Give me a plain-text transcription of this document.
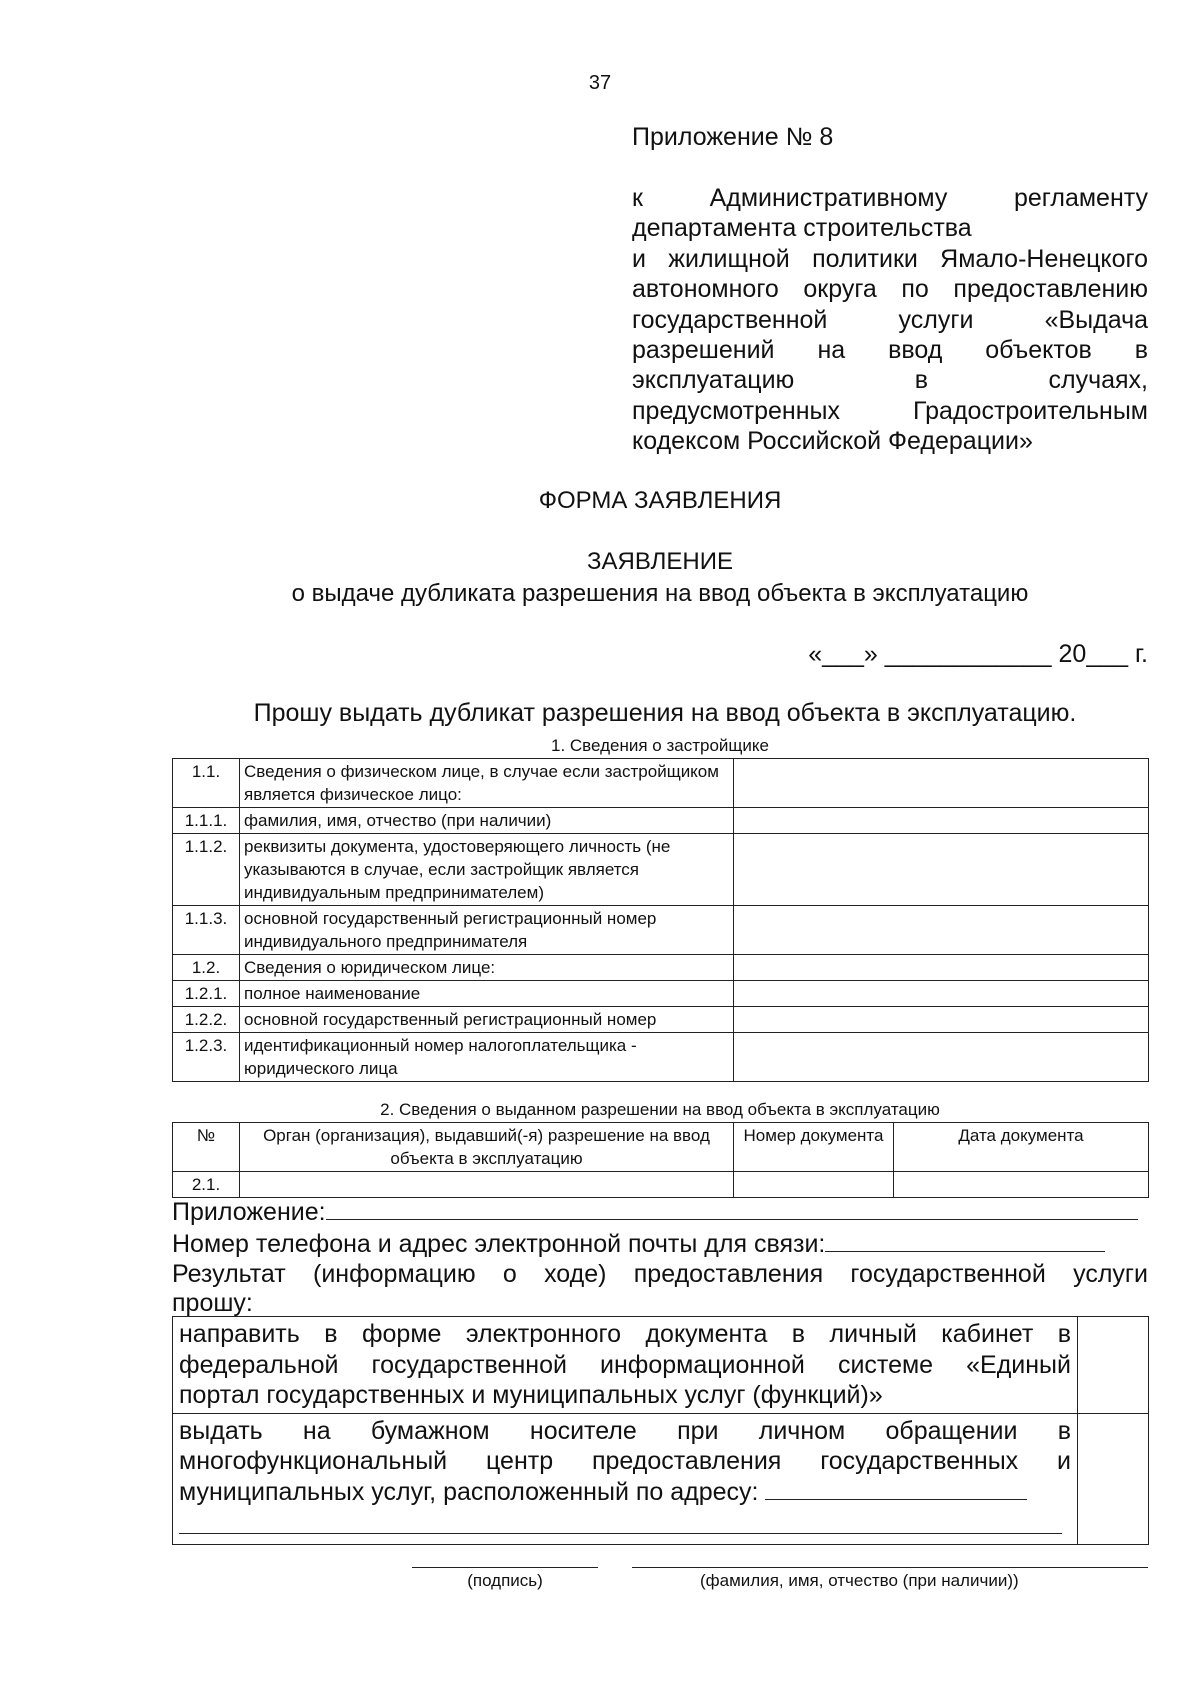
37
Приложение № 8
к Административному регламенту
департамента строительства
и жилищной политики Ямало-Ненецкого
автономного округа по предоставлению
государственной услуги «Выдача
разрешений на ввод объектов в
эксплуатацию в случаях,
предусмотренных Градостроительным
кодексом Российской Федерации»
ФОРМА ЗАЯВЛЕНИЯ
ЗАЯВЛЕНИЕ
о выдаче дубликата разрешения на ввод объекта в эксплуатацию
«___» ____________ 20___ г.
Прошу выдать дубликат разрешения на ввод объекта в эксплуатацию.
1. Сведения о застройщике
1.1.	Сведения о физическом лице, в случае если застройщиком является физическое лицо:	
1.1.1.	фамилия, имя, отчество (при наличии)	
1.1.2.	реквизиты документа, удостоверяющего личность (не указываются в случае, если застройщик является индивидуальным предпринимателем)	
1.1.3.	основной государственный регистрационный номер индивидуального предпринимателя	
1.2.	Сведения о юридическом лице:	
1.2.1.	полное наименование	
1.2.2.	основной государственный регистрационный номер	
1.2.3.	идентификационный номер налогоплательщика - юридического лица	
2. Сведения о выданном разрешении на ввод объекта в эксплуатацию
№	Орган (организация), выдавший(-я) разрешение на ввод объекта в эксплуатацию	Номер документа	Дата документа
2.1.			
Приложение:
Номер телефона и адрес электронной почты для связи:
Результат (информацию о ходе) предоставления государственной услуги
прошу:
направить в форме электронного документа в личный кабинет в
федеральной государственной информационной системе «Единый
портал государственных и муниципальных услуг (функций)»	

выдать на бумажном носителе при личном обращении в
многофункциональный центр предоставления государственных и
муниципальных услуг, расположенный по адресу:	

(подпись)	(фамилия, имя, отчество (при наличии))
